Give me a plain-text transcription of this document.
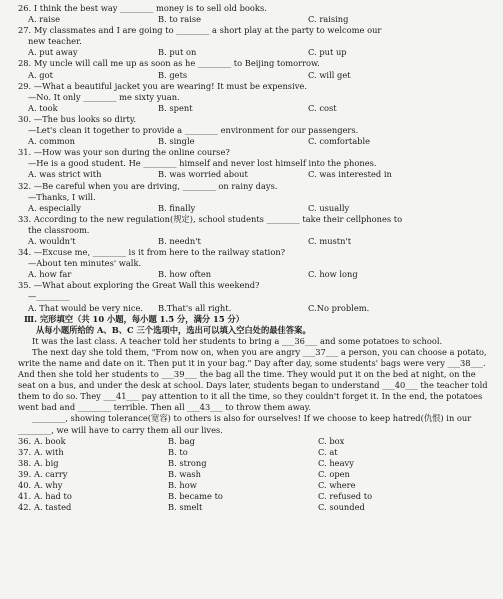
26. I think the best way ________ money is to sell old books.
A. raise	B. to raise	C. raising
27. My classmates and I are going to ________ a short play at the party to welcome our
new teacher.
A. put away	B. put on	C. put up
28. My uncle will call me up as soon as he ________ to Beijing tomorrow.
A. got	B. gets	C. will get
29. —What a beautiful jacket you are wearing! It must be expensive.
—No. It only ________ me sixty yuan.
A. took	B. spent	C. cost
30. —The bus looks so dirty.
—Let's clean it together to provide a ________ environment for our passengers.
A. common	B. single	C. comfortable
31. —How was your son during the online course?
—He is a good student. He ________ himself and never lost himself into the phones.
A. was strict with	B. was worried about	C. was interested in
32. —Be careful when you are driving, ________ on rainy days.
—Thanks, I will.
A. especially	B. finally	C. usually
33. According to the new regulation(规定), school students ________ take their cellphones to
the classroom.
A. wouldn't	B. needn't	C. mustn't
34. —Excuse me, ________ is it from here to the railway station?
—About ten minutes' walk.
A. how far	B. how often	C. how long
35. —What about exploring the Great Wall this weekend?
—________
A. That would be very nice.	B.That's all right.	C.No problem.
Ⅲ. 完形填空（共 10 小题，每小题 1.5 分，满分 15 分）
从每小题所给的 A、B、C 三个选项中，选出可以填入空白处的最佳答案。
It was the last class. A teacher told her students to bring a ___36___ and some potatoes to school.
The next day she told them, "From now on, when you are angry ___37___ a person, you can choose a potato, write the name and date on it. Then put it in your bag." Day after day, some students' bags were very ___38___. And then she told her students to ___39___ the bag all the time. They would put it on the bed at night, on the seat on a bus, and under the desk at school. Days later, students began to understand ___40___ the teacher told them to do so. They ___41___ pay attention to it all the time, so they couldn't forget it. In the end, the potatoes went bad and ________ terrible. Then all ___43___ to throw them away.
________, showing tolerance(宽容) to others is also for ourselves! If we choose to keep hatred(仇恨) in our ________, we will have to carry them all our lives.
36. A. book	B. bag	C. box
37. A. with	B. to	C. at
38. A. big	B. strong	C. heavy
39. A. carry	B. wash	C. open
40. A. why	B. how	C. where
41. A. had to	B. became to	C. refused to
42. A. tasted	B. smelt	C. sounded
